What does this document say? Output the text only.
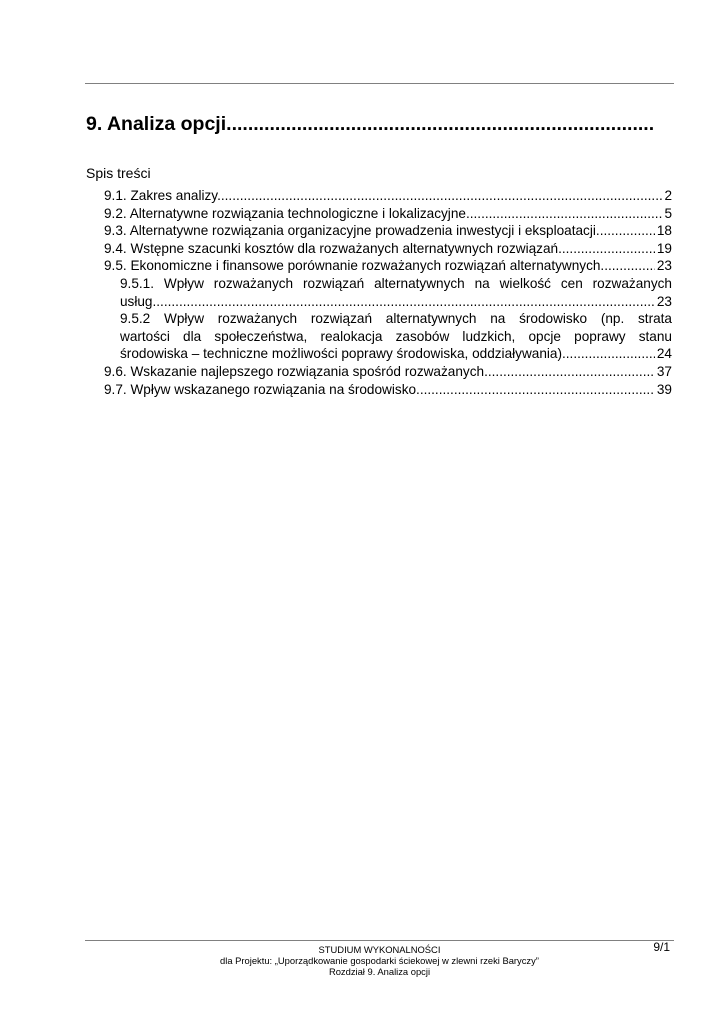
9. Analiza opcji...............................................................................
Spis treści
9.1. Zakres analizy. .....	2
9.2. Alternatywne rozwiązania technologiczne i lokalizacyjne. .....	5
9.3. Alternatywne rozwiązania organizacyjne prowadzenia inwestycji i eksploatacji. .....	18
9.4. Wstępne szacunki kosztów dla rozważanych alternatywnych rozwiązań. .....	19
9.5. Ekonomiczne i finansowe porównanie rozważanych rozwiązań alternatywnych. .....	23
9.5.1. Wpływ rozważanych rozwiązań alternatywnych na wielkość cen rozważanych
usług. .....	23
9.5.2 Wpływ rozważanych rozwiązań alternatywnych na środowisko (np. strata
wartości dla społeczeństwa, realokacja zasobów ludzkich, opcje poprawy stanu
środowiska – techniczne możliwości poprawy środowiska, oddziaływania). .....	24
9.6. Wskazanie najlepszego rozwiązania spośród rozważanych. .....	37
9.7. Wpływ wskazanego rozwiązania na środowisko. .....	39
STUDIUM WYKONALNOŚCI
dla Projektu: „Uporządkowanie gospodarki ściekowej w zlewni rzeki Baryczy”
Rozdział 9. Analiza opcji
9/1
